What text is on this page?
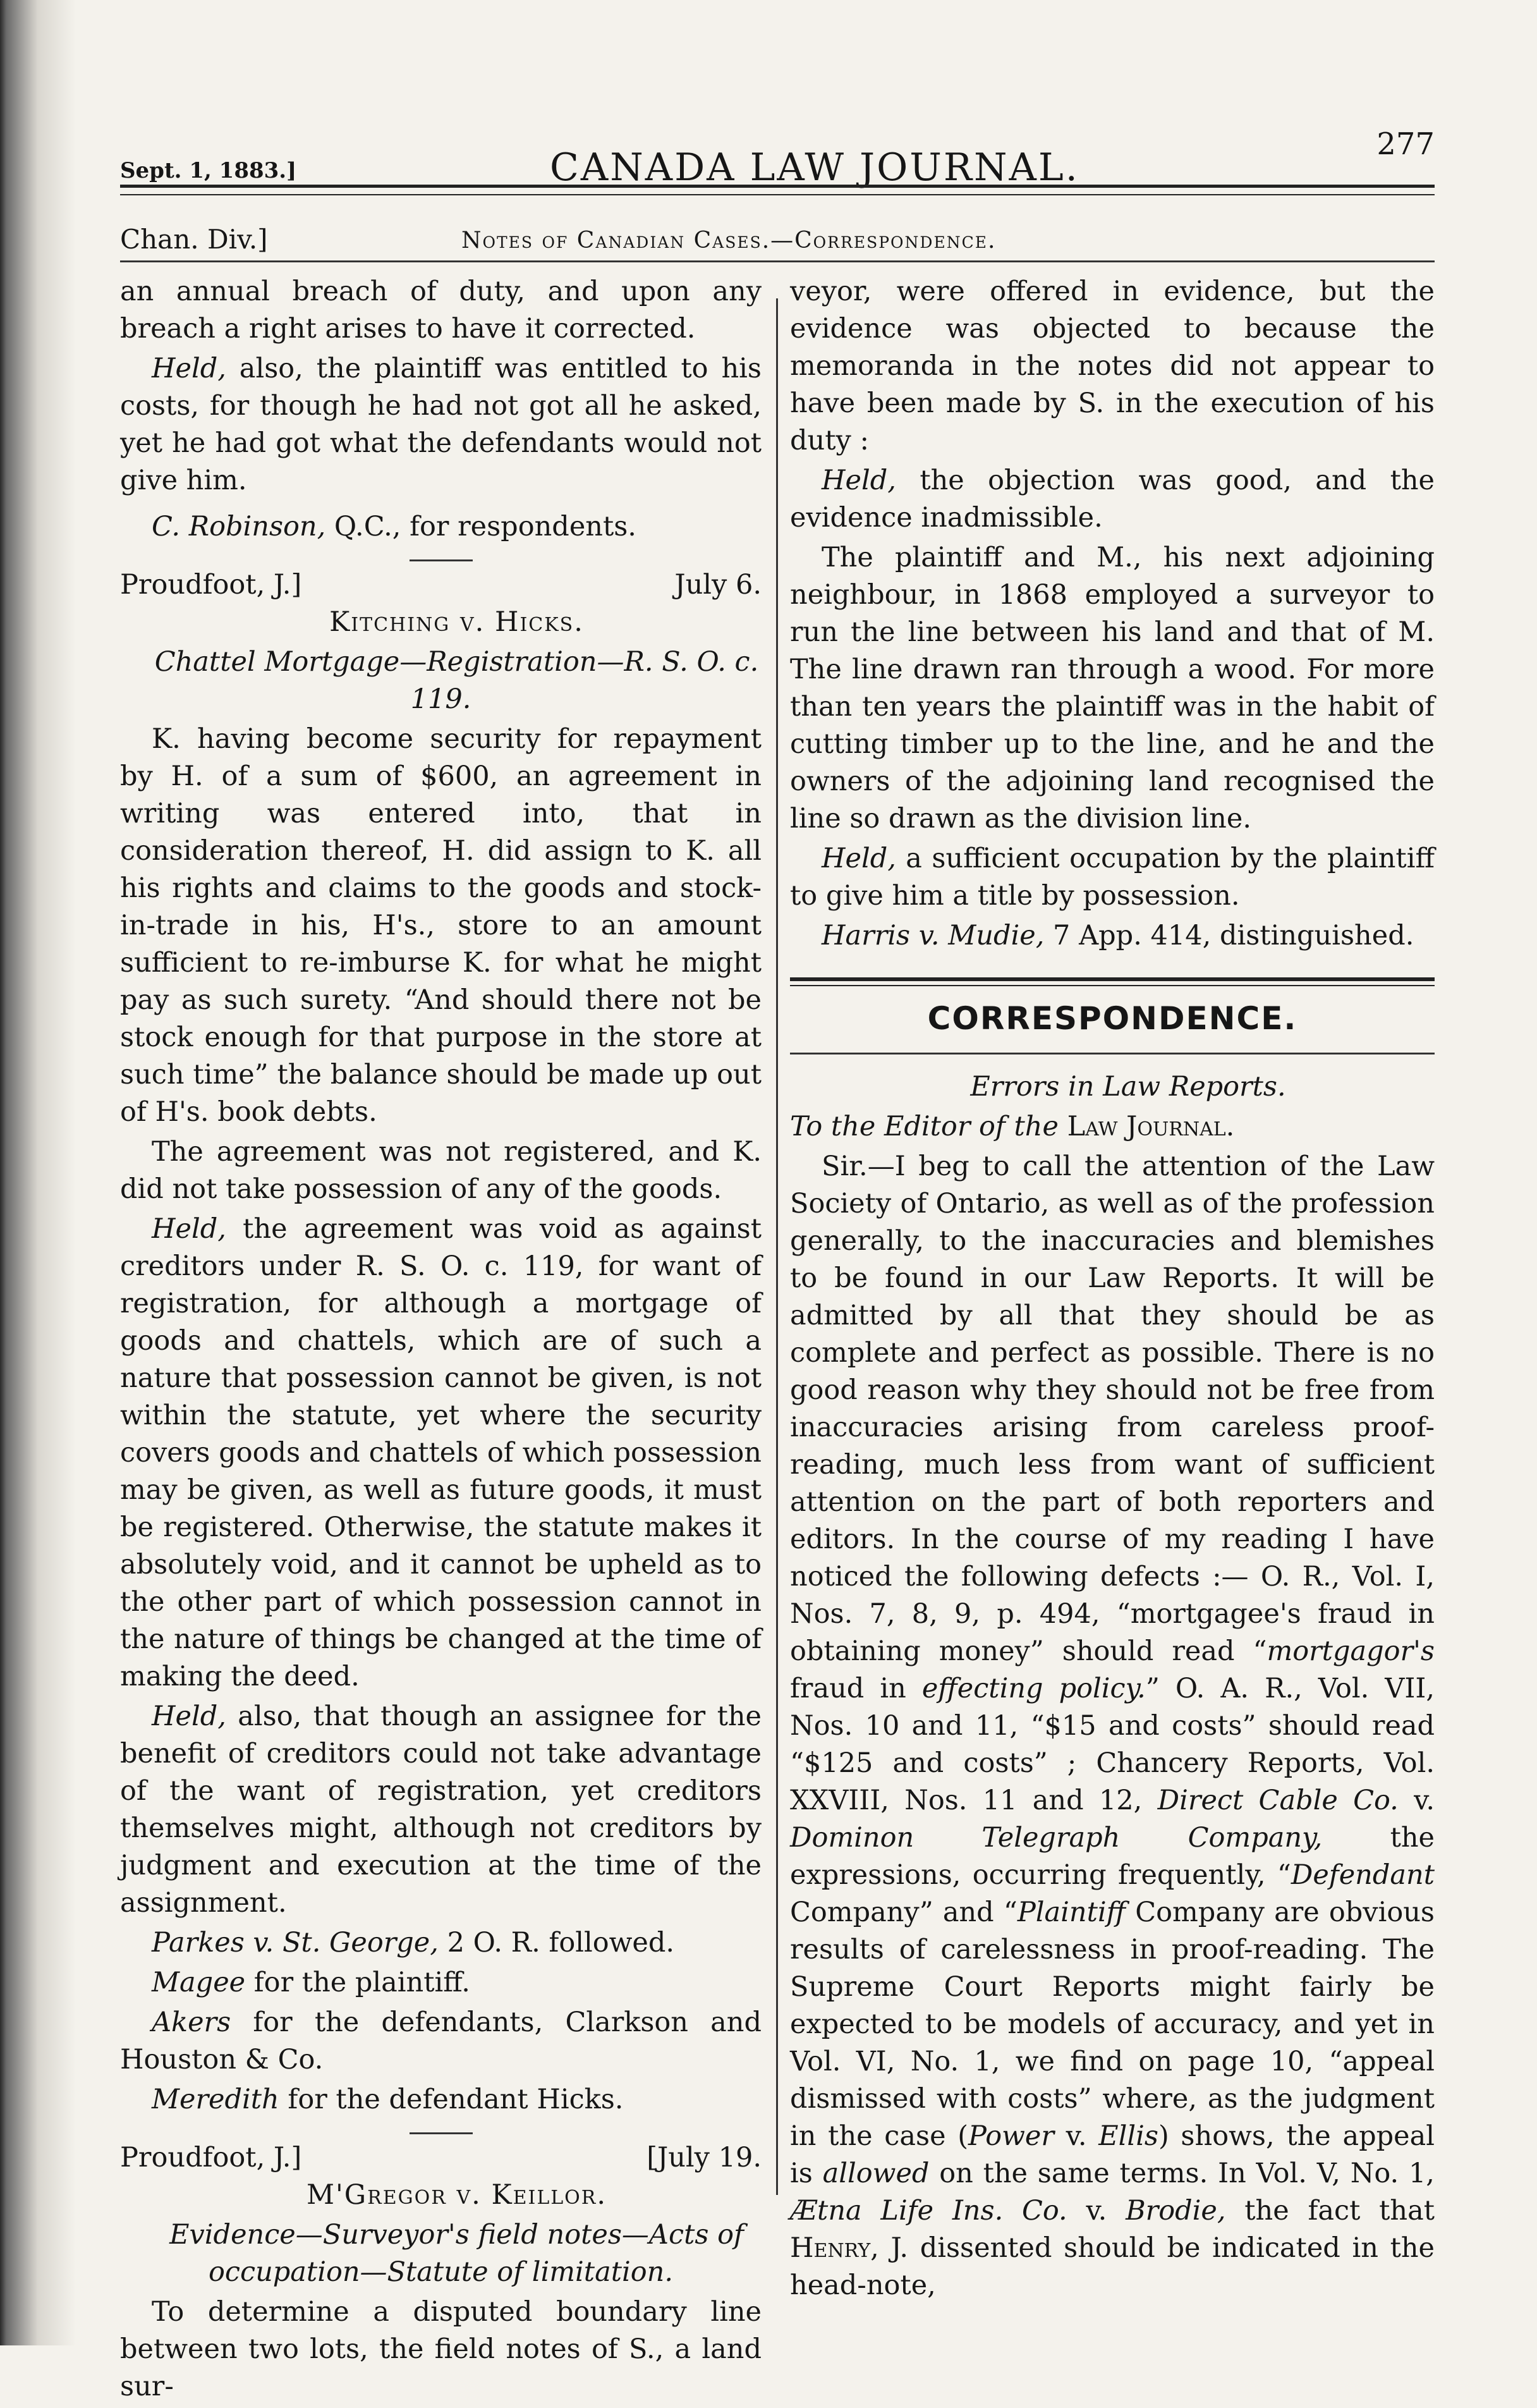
Sept. 1, 1883.]	CANADA LAW JOURNAL.
277
Chan. Div.]	Notes of Canadian Cases.—Correspondence.

an annual breach of duty, and upon any breach a right arises to have it corrected.

Held, also, the plaintiff was entitled to his costs, for though he had not got all he asked, yet he had got what the defendants would not give him.

C. Robinson, Q.C., for respondents.

Proudfoot, J.]	July 6.

Kitching v. Hicks.

Chattel Mortgage—Registration—R. S. O. c. 119.

K. having become security for repayment by H. of a sum of $600, an agreement in writing was entered into, that in consideration thereof, H. did assign to K. all his rights and claims to the goods and stock-in-trade in his, H's., store to an amount sufficient to re-imburse K. for what he might pay as such surety. “And should there not be stock enough for that purpose in the store at such time” the balance should be made up out of H's. book debts.

The agreement was not registered, and K. did not take possession of any of the goods.

Held, the agreement was void as against creditors under R. S. O. c. 119, for want of registration, for although a mortgage of goods and chattels, which are of such a nature that possession cannot be given, is not within the statute, yet where the security covers goods and chattels of which possession may be given, as well as future goods, it must be registered. Otherwise, the statute makes it absolutely void, and it cannot be upheld as to the other part of which possession cannot in the nature of things be changed at the time of making the deed.

Held, also, that though an assignee for the benefit of creditors could not take advantage of the want of registration, yet creditors themselves might, although not creditors by judgment and execution at the time of the assignment.

Parkes v. St. George, 2 O. R. followed.

Magee for the plaintiff.

Akers for the defendants, Clarkson and Houston & Co.

Meredith for the defendant Hicks.

Proudfoot, J.]	[July 19.

M'Gregor v. Keillor.

Evidence—Surveyor's field notes—Acts of occupation—Statute of limitation.

To determine a disputed boundary line between two lots, the field notes of S., a land sur-

veyor, were offered in evidence, but the evidence was objected to because the memoranda in the notes did not appear to have been made by S. in the execution of his duty :

Held, the objection was good, and the evidence inadmissible.

The plaintiff and M., his next adjoining neighbour, in 1868 employed a surveyor to run the line between his land and that of M. The line drawn ran through a wood. For more than ten years the plaintiff was in the habit of cutting timber up to the line, and he and the owners of the adjoining land recognised the line so drawn as the division line.

Held, a sufficient occupation by the plaintiff to give him a title by possession.

Harris v. Mudie, 7 App. 414, distinguished.

CORRESPONDENCE.

Errors in Law Reports.

To the Editor of the Law Journal.

Sir.—I beg to call the attention of the Law Society of Ontario, as well as of the profession generally, to the inaccuracies and blemishes to be found in our Law Reports. It will be admitted by all that they should be as complete and perfect as possible. There is no good reason why they should not be free from inaccuracies arising from careless proof-reading, much less from want of sufficient attention on the part of both reporters and editors. In the course of my reading I have noticed the following defects :— O. R., Vol. I, Nos. 7, 8, 9, p. 494, “mortgagee's fraud in obtaining money” should read “mortgagor's fraud in effecting policy.” O. A. R., Vol. VII, Nos. 10 and 11, “$15 and costs” should read “$125 and costs” ; Chancery Reports, Vol. XXVIII, Nos. 11 and 12, Direct Cable Co. v. Dominon Telegraph Company, the expressions, occurring frequently, “Defendant Company” and “Plaintiff Company are obvious results of carelessness in proof-reading. The Supreme Court Reports might fairly be expected to be models of accuracy, and yet in Vol. VI, No. 1, we find on page 10, “appeal dismissed with costs” where, as the judgment in the case (Power v. Ellis) shows, the appeal is allowed on the same terms. In Vol. V, No. 1, Ætna Life Ins. Co. v. Brodie, the fact that Henry, J. dissented should be indicated in the head-note,
